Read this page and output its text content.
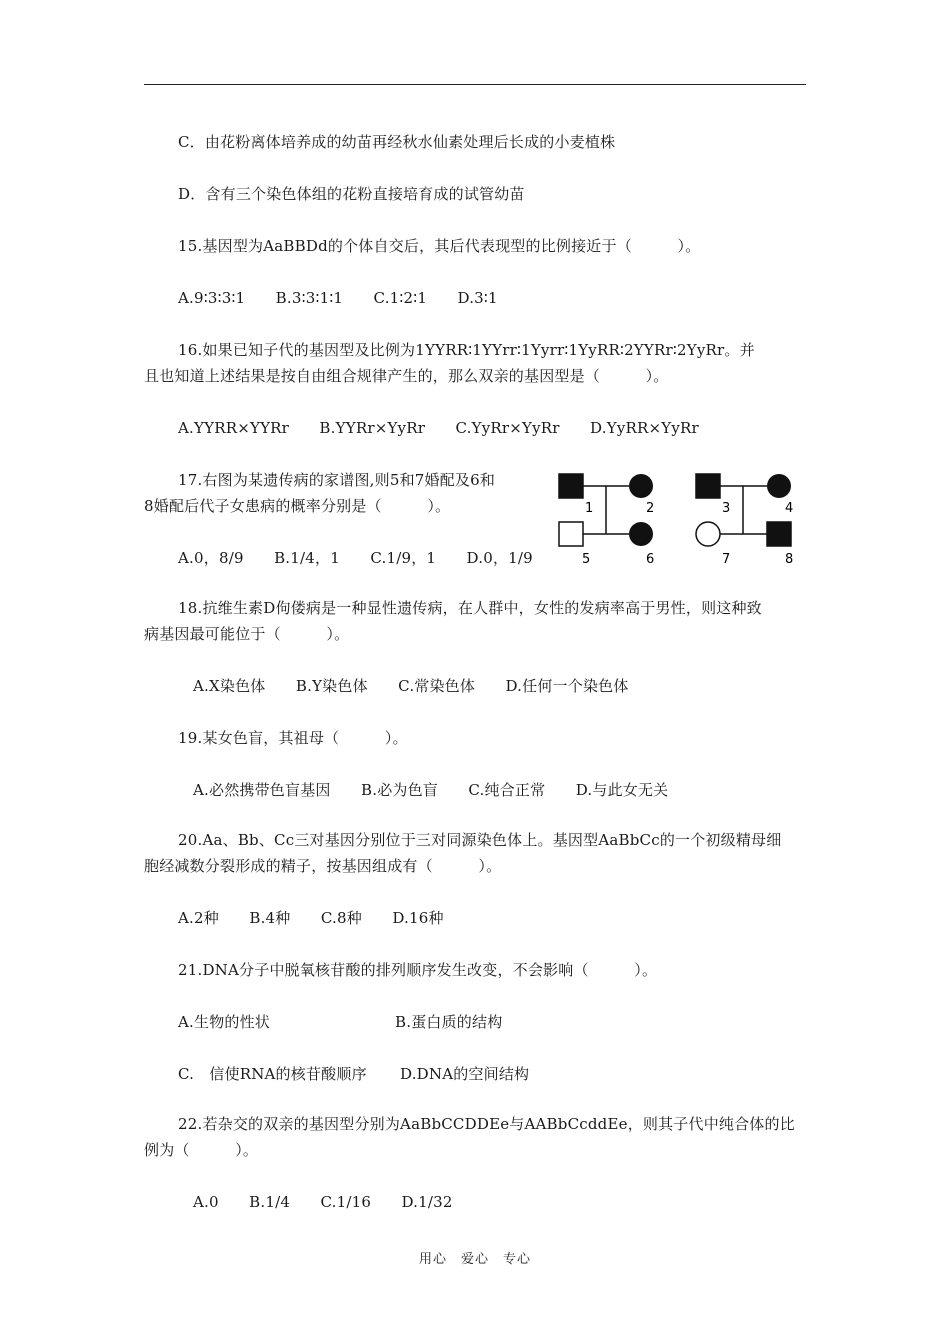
C．由花粉离体培养成的幼苗再经秋水仙素处理后长成的小麦植株
D．含有三个染色体组的花粉直接培育成的试管幼苗
15.基因型为AaBBDd的个体自交后，其后代表现型的比例接近于（　　　）。
A.9∶3∶3∶1　　B.3∶3∶1∶1　　C.1∶2∶1　　D.3∶1
16.如果已知子代的基因型及比例为1YYRR∶1YYrr∶1Yyrr∶1YyRR∶2YYRr∶2YyRr。并
且也知道上述结果是按自由组合规律产生的，那么双亲的基因型是（　　　）。
A.YYRR×YYRr　　B.YYRr×YyRr　　C.YyRr×YyRr　　D.YyRR×YyRr
17.右图为某遗传病的家谱图,则5和7婚配及6和
8婚配后代子女患病的概率分别是（　　　）。
A.0，8/9　　B.1/4，1　　C.1/9，1　　D.0，1/9
1	2	3	4
5	6	7	8
18.抗维生素D佝偻病是一种显性遗传病，在人群中，女性的发病率高于男性，则这种致
病基因最可能位于（　　　）。
A.X染色体　　B.Y染色体　　C.常染色体　　D.任何一个染色体
19.某女色盲，其祖母（　　　）。
A.必然携带色盲基因　　B.必为色盲　　C.纯合正常　　D.与此女无关
20.Aa、Bb、Cc三对基因分别位于三对同源染色体上。基因型AaBbCc的一个初级精母细
胞经减数分裂形成的精子，按基因组成有（　　　）。
A.2种　　B.4种　　C.8种　　D.16种
21.DNA分子中脱氧核苷酸的排列顺序发生改变，不会影响（　　　）。
A.生物的性状	B.蛋白质的结构
C.　信使RNA的核苷酸顺序 D.DNA的空间结构
22.若杂交的双亲的基因型分别为AaBbCCDDEe与AABbCcddEe，则其子代中纯合体的比
例为（　　　）。
A.0　　B.1/4　　C.1/16　　D.1/32
用心　爱心　专心
